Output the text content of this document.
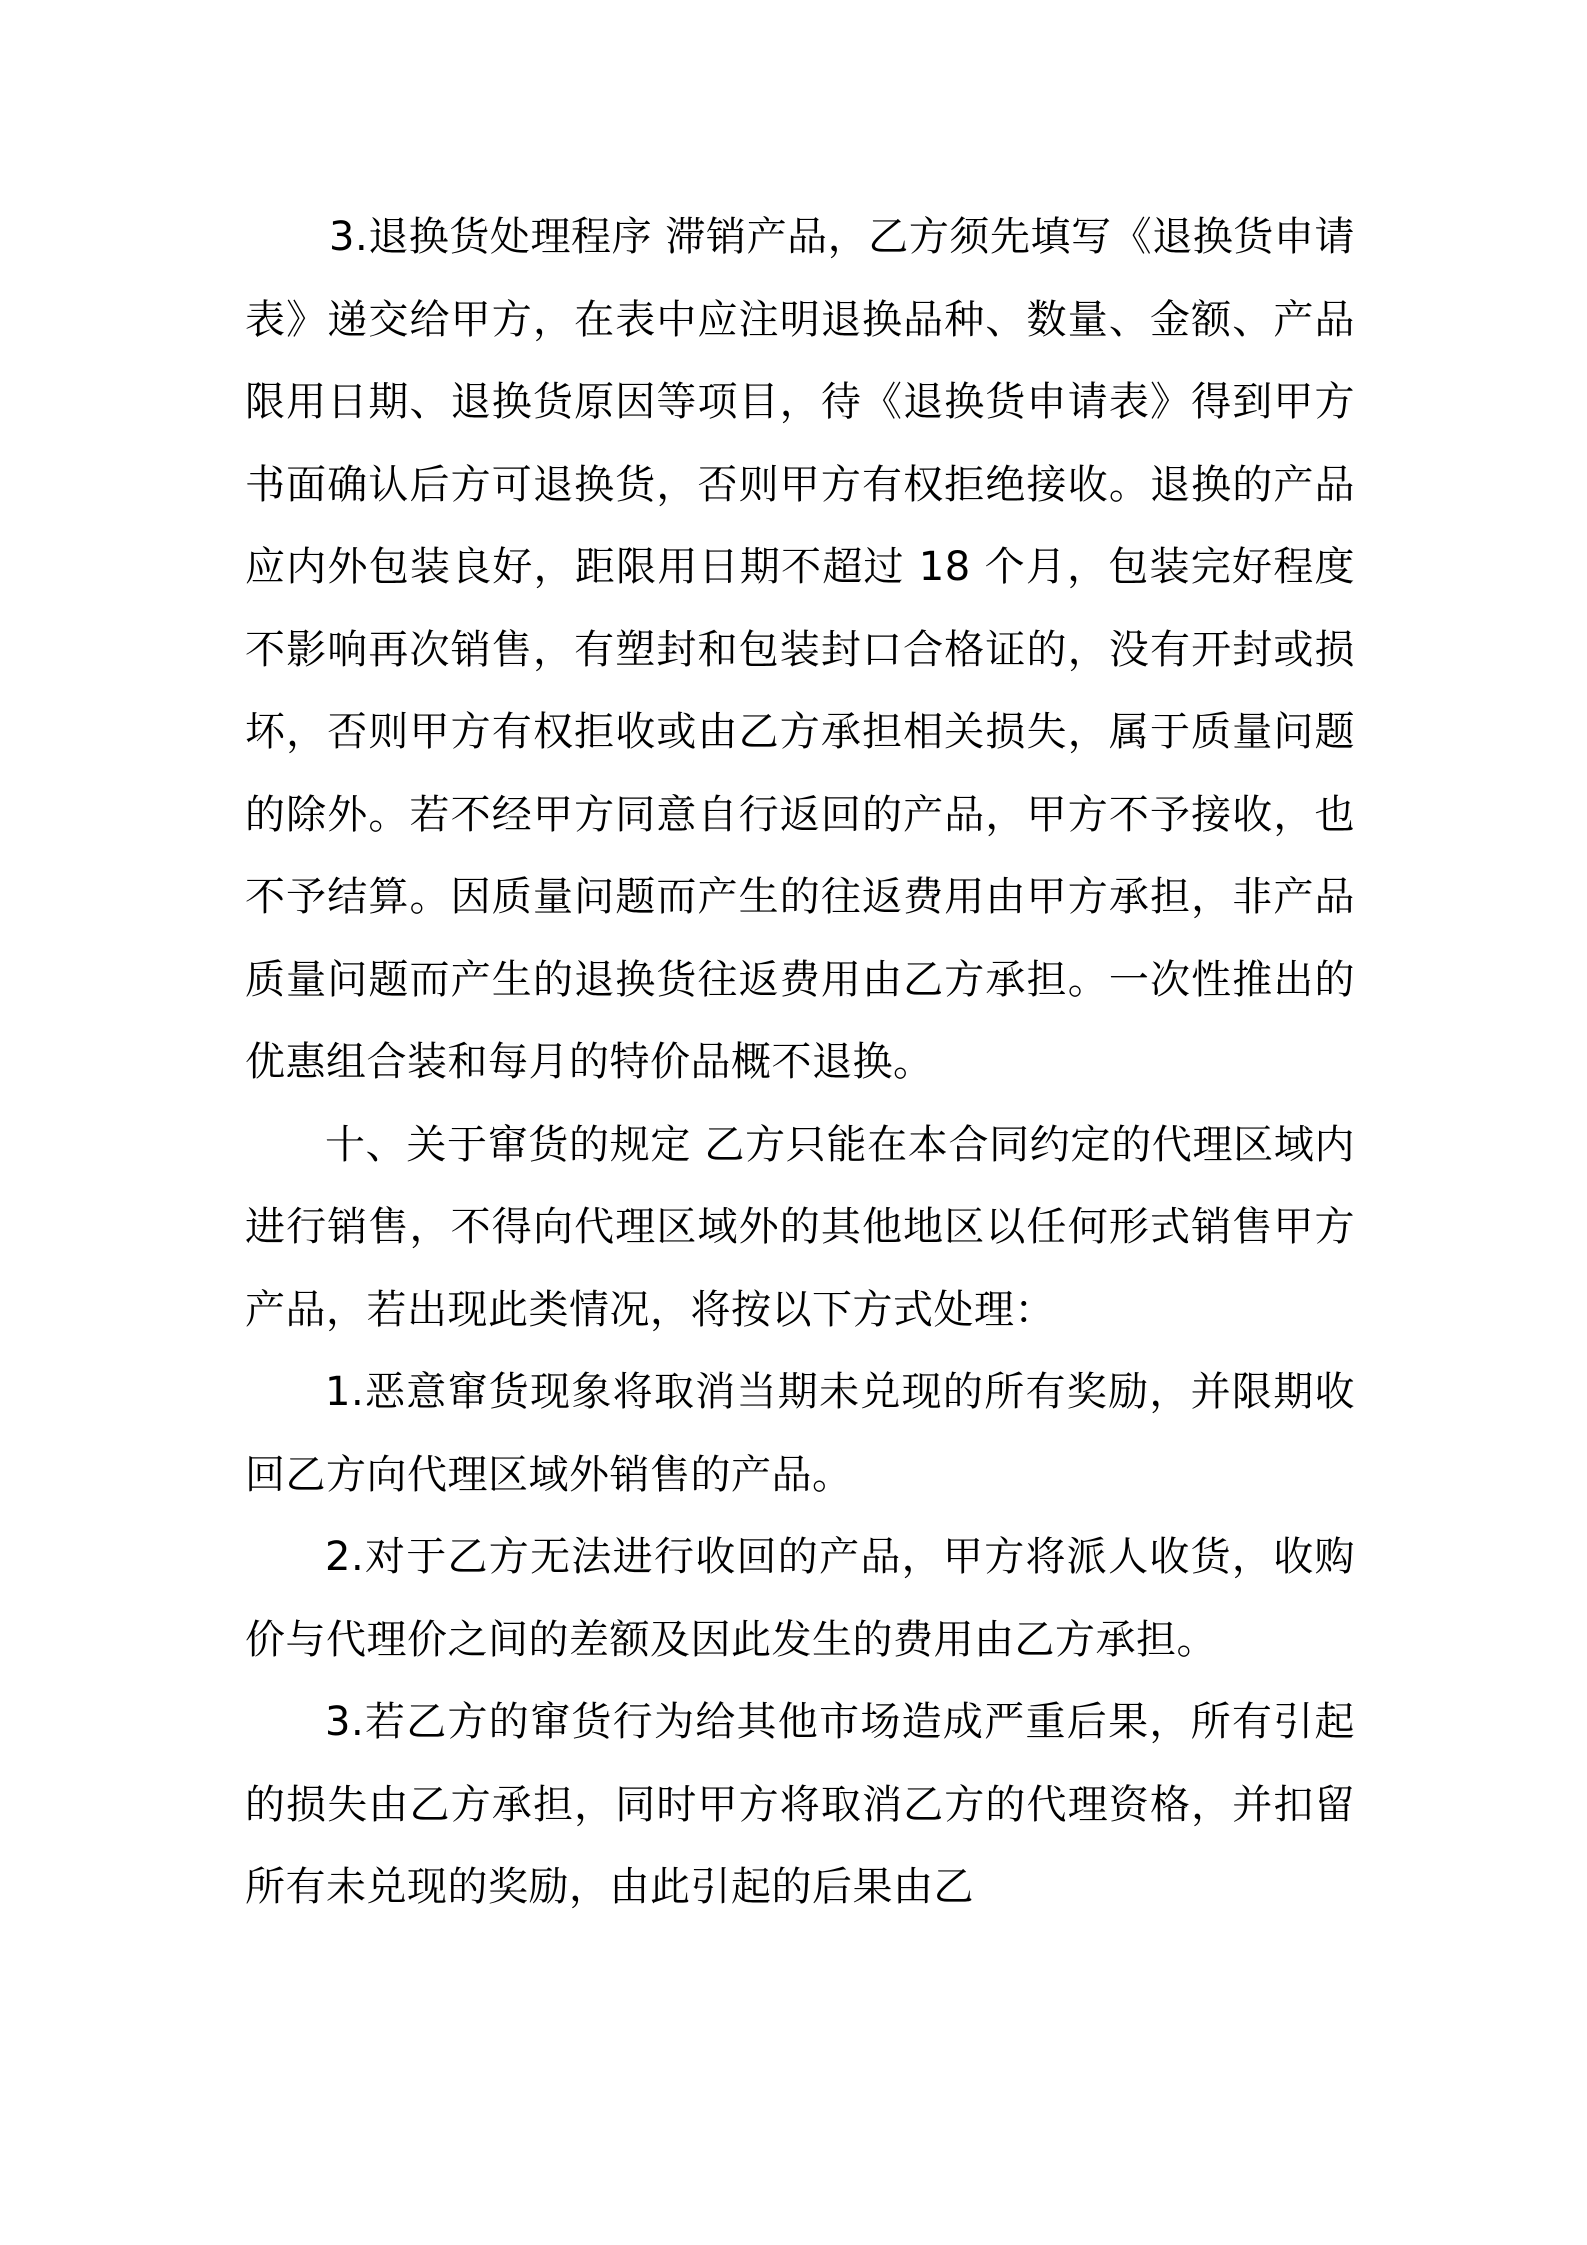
3.退换货处理程序 滞销产品，乙方须先填写《退换货申请表》递交给甲方，在表中应注明退换品种、数量、金额、产品限用日期、退换货原因等项目，待《退换货申请表》得到甲方书面确认后方可退换货，否则甲方有权拒绝接收。退换的产品应内外包装良好，距限用日期不超过 18 个月，包装完好程度不影响再次销售，有塑封和包装封口合格证的，没有开封或损坏，否则甲方有权拒收或由乙方承担相关损失，属于质量问题的除外。若不经甲方同意自行返回的产品，甲方不予接收，也不予结算。因质量问题而产生的往返费用由甲方承担，非产品质量问题而产生的退换货往返费用由乙方承担。一次性推出的优惠组合装和每月的特价品概不退换。

十、关于窜货的规定 乙方只能在本合同约定的代理区域内进行销售，不得向代理区域外的其他地区以任何形式销售甲方产品，若出现此类情况，将按以下方式处理：

1.恶意窜货现象将取消当期未兑现的所有奖励，并限期收回乙方向代理区域外销售的产品。

2.对于乙方无法进行收回的产品，甲方将派人收货，收购价与代理价之间的差额及因此发生的费用由乙方承担。

3.若乙方的窜货行为给其他市场造成严重后果，所有引起的损失由乙方承担，同时甲方将取消乙方的代理资格，并扣留所有未兑现的奖励，由此引起的后果由乙
